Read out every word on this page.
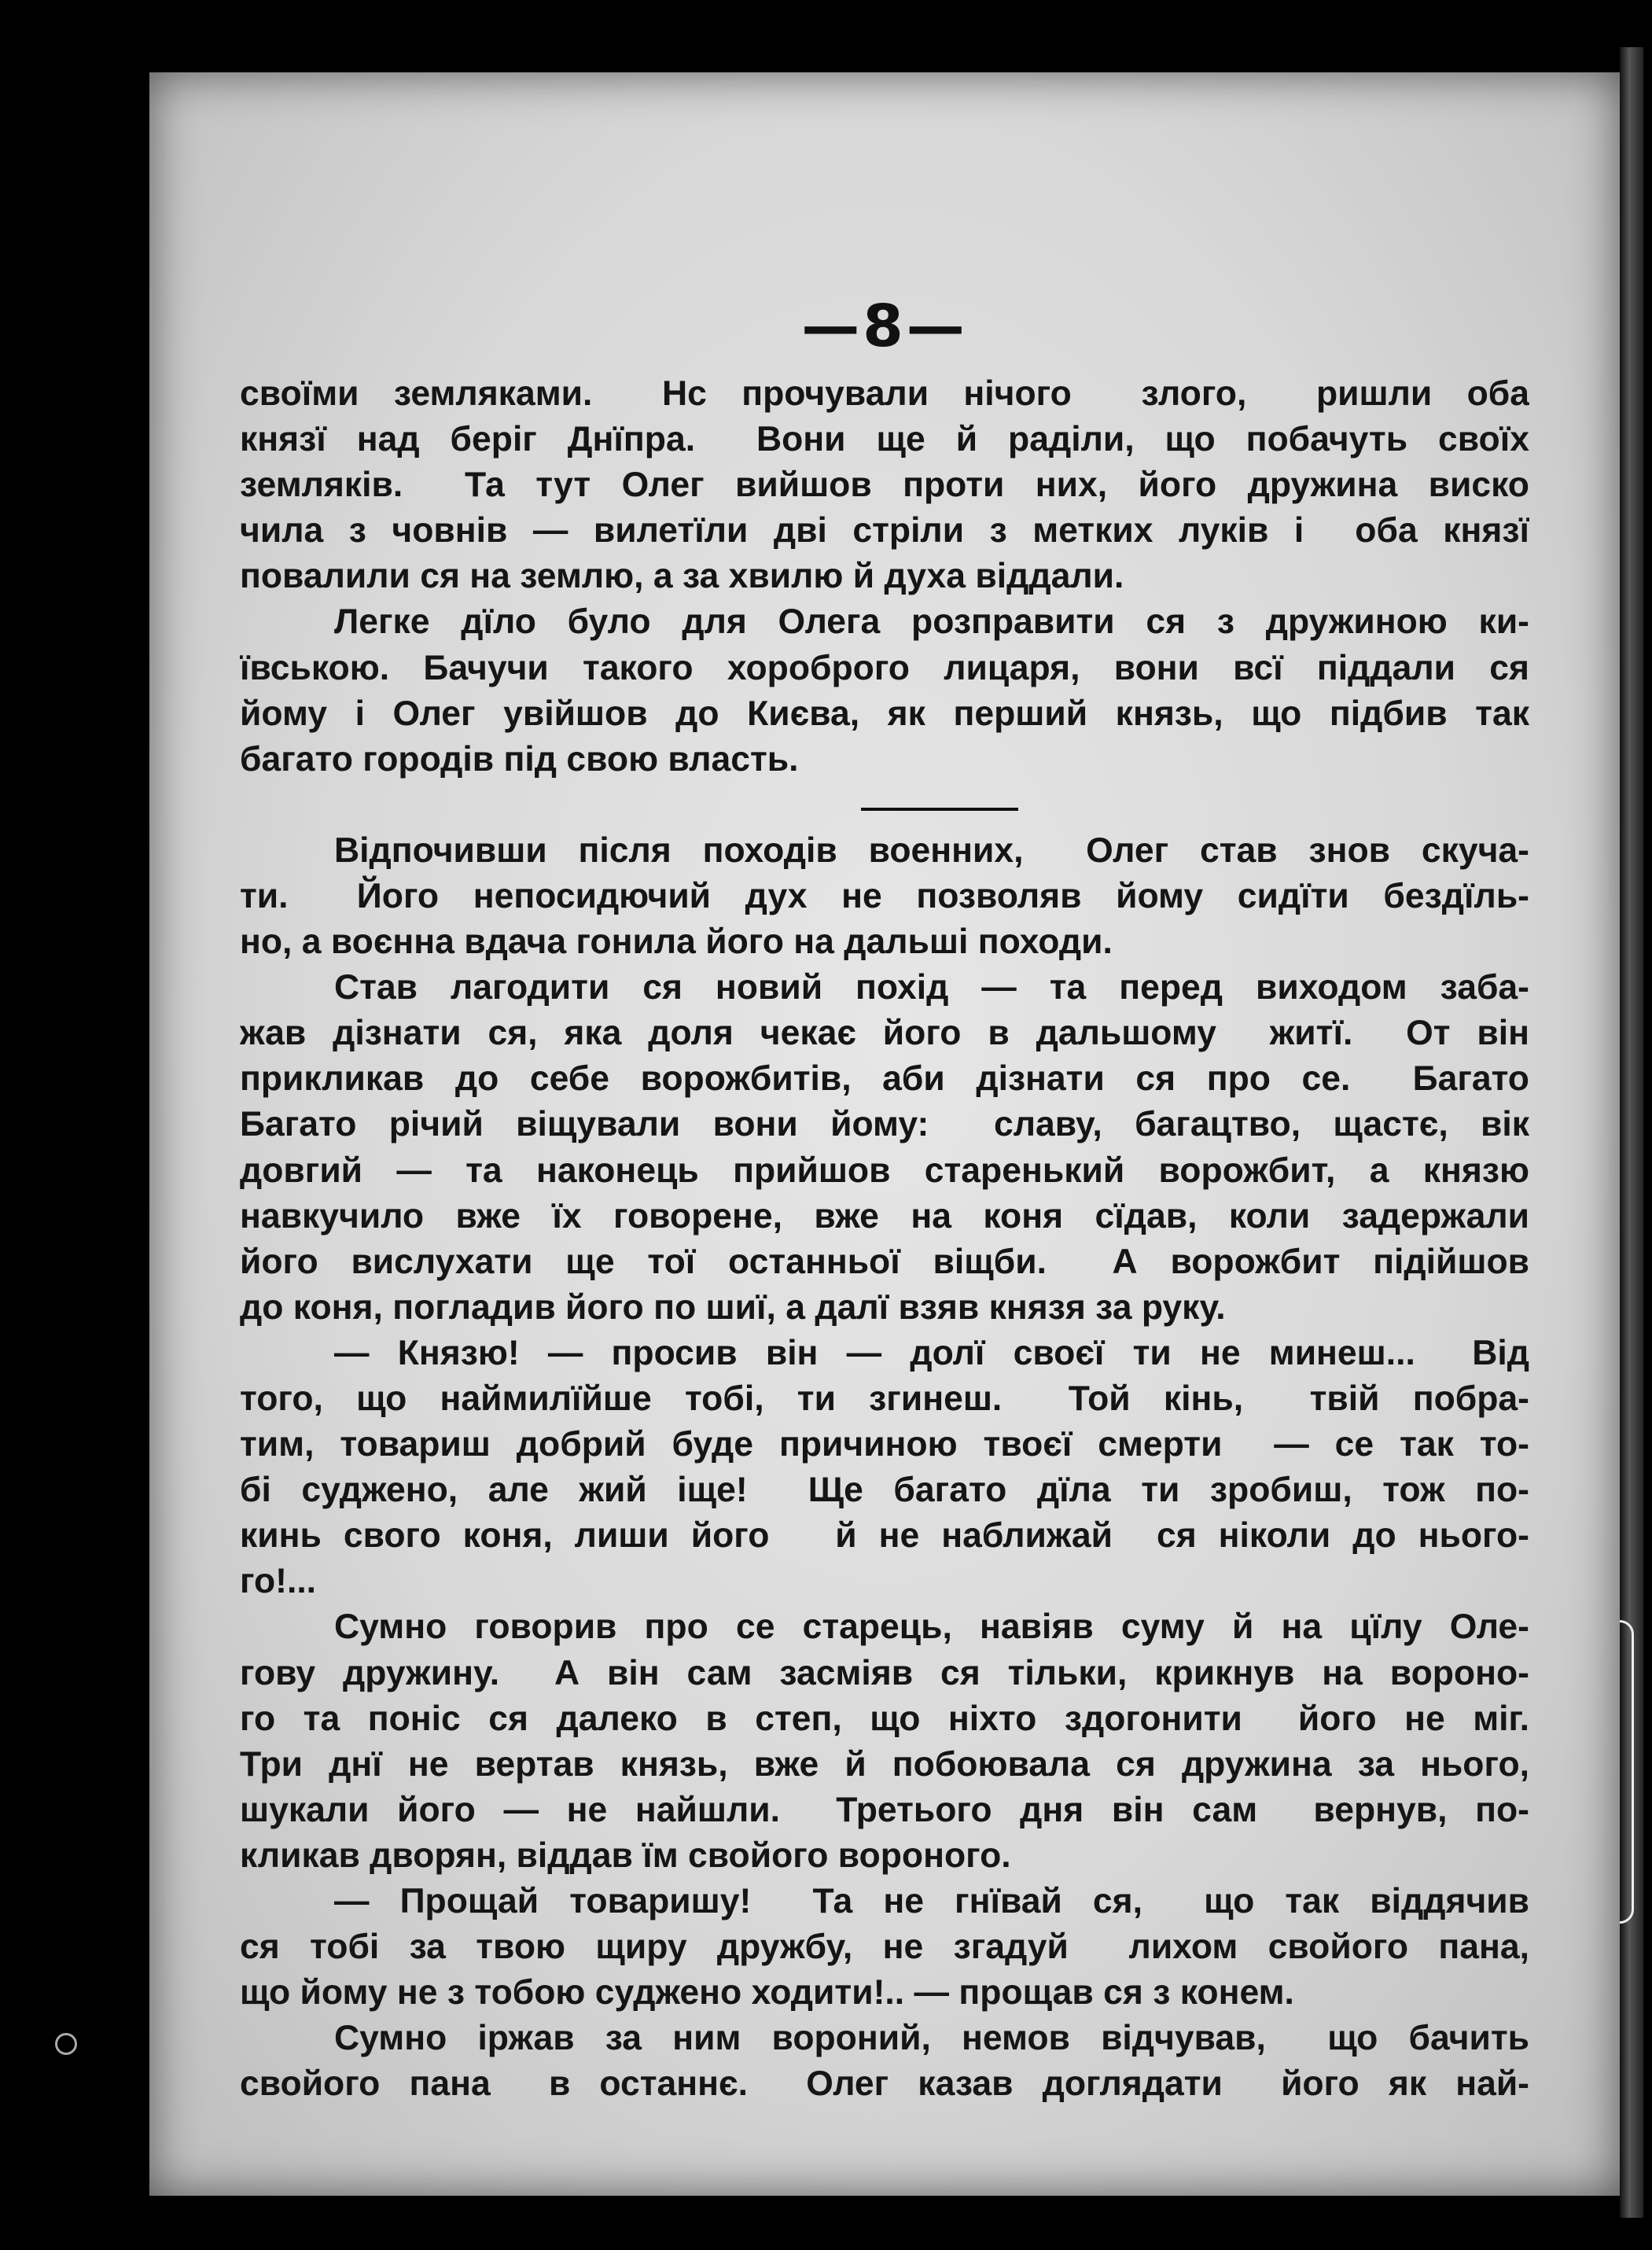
—8—
своїми земляками.  Нс прочували нічого  злого,  ришли оба
князї над беріг Днїпра.  Вони ще й раділи, що побачуть своїх
земляків.  Та тут Олег вийшов проти них, його дружина виско
чила з човнів — вилетїли дві стріли з метких луків і  оба князї
повалили ся на землю, а за хвилю й духа віддали.
Легке дїло було для Олега розправити ся з дружиною ки-
ївською. Бачучи такого хороброго лицаря, вони всї піддали ся
йому і Олег увійшов до Києва, як перший князь, що підбив так
багато городів під свою власть.
Відпочивши після походів военних,  Олег став знов скуча-
ти.  Його непосидючий дух не позволяв йому сидїти бездїль-
но, а воєнна вдача гонила його на дальші походи.
Став лагодити ся новий похід — та перед виходом заба-
жав дізнати ся, яка доля чекає його в дальшому  житї.  От він
прикликав до себе ворожбитів, аби дізнати ся про се.  Багато
Багато річий віщували вони йому:  славу, багацтво, щастє, вік
довгий — та наконець прийшов старенький ворожбит, а князю
навкучило вже їх говорене, вже на коня сїдав, коли задержали
його вислухати ще тої останньої віщби.  А ворожбит підійшов
до коня, погладив його по шиї, а далї взяв князя за руку.
— Князю! — просив він — долї своєї ти не минеш...  Від
того, що наймилїйше тобі, ти згинеш.  Той кінь,  твій побра-
тим, товариш добрий буде причиною твоєї смерти  — се так то-
бі суджено, але жий іще!  Ще багато дїла ти зробиш, тож по-
кинь свого коня, лиши його   й не наближай  ся ніколи до нього-
го!...
Сумно говорив про се старець, навіяв суму й на цїлу Оле-
гову дружину.  А він сам засміяв ся тільки, крикнув на вороно-
го та поніс ся далеко в степ, що ніхто здогонити  його не міг.
Три днї не вертав князь, вже й побоювала ся дружина за нього,
шукали його — не найшли.  Третього дня він сам  вернув, по-
кликав дворян, віддав їм свойого вороного.
— Прощай товаришу!  Та не гнївай ся,  що так віддячив
ся тобі за твою щиру дружбу, не згадуй  лихом свойого пана,
що йому не з тобою суджено ходити!.. — прощав ся з конем.
Сумно іржав за ним вороний, немов відчував,  що бачить
свойого пана  в останнє.  Олег казав доглядати  його як най-
